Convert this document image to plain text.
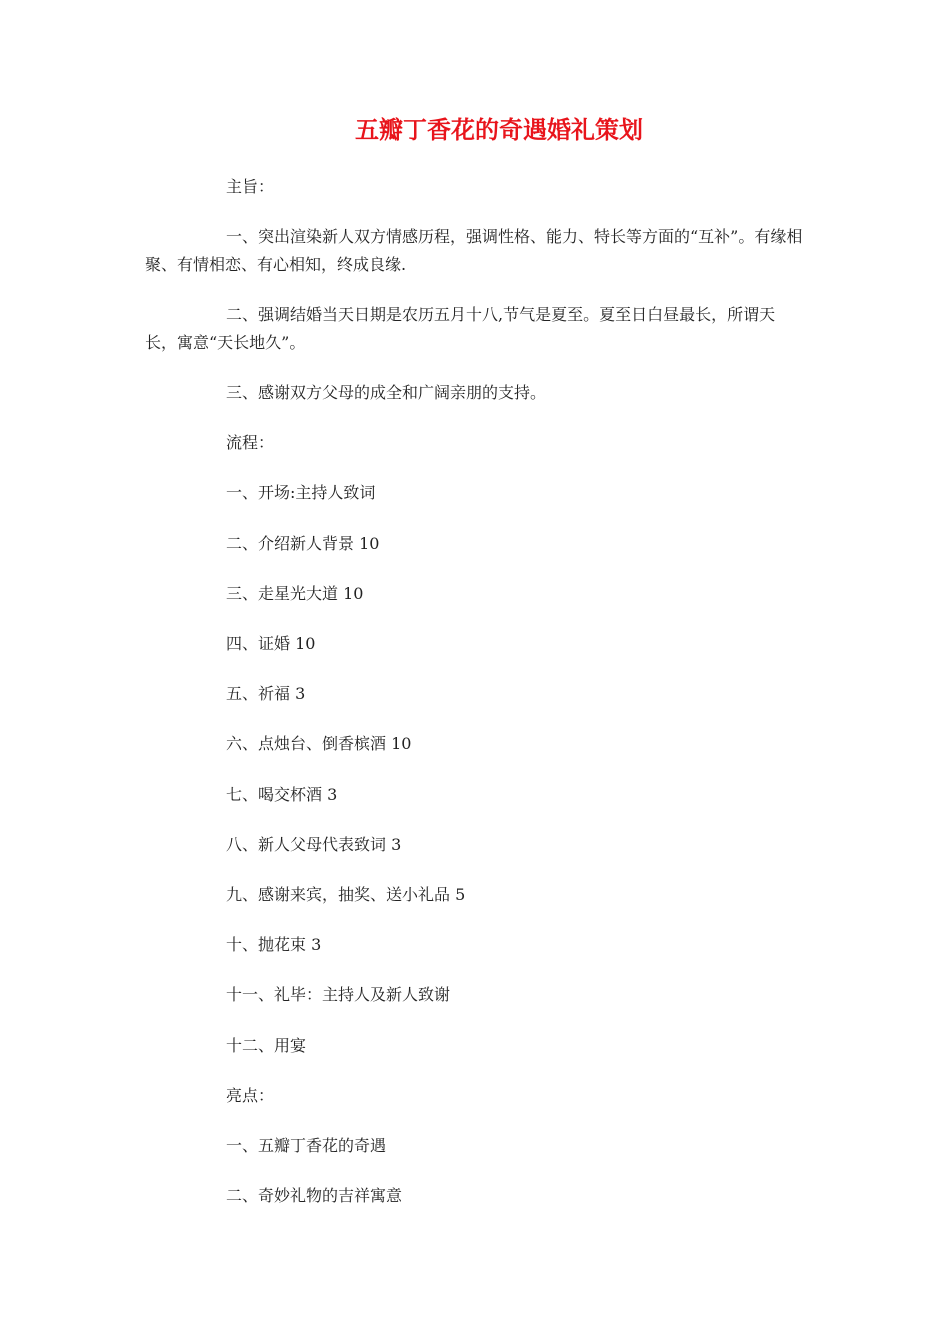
五瓣丁香花的奇遇婚礼策划

主旨：

一、突出渲染新人双方情感历程，强调性格、能力、特长等方面的“互补”。有缘相聚、有情相恋、有心相知，终成良缘.

二、强调结婚当天日期是农历五月十八,节气是夏至。夏至日白昼最长，所谓天长，寓意“天长地久”。

三、感谢双方父母的成全和广阔亲朋的支持。

流程：

一、开场:主持人致词

二、介绍新人背景 10

三、走星光大道 10

四、证婚 10

五、祈福 3

六、点烛台、倒香槟酒 10

七、喝交杯酒 3

八、新人父母代表致词 3

九、感谢来宾，抽奖、送小礼品 5

十、抛花束 3

十一、礼毕：主持人及新人致谢

十二、用宴

亮点：

一、五瓣丁香花的奇遇

二、奇妙礼物的吉祥寓意
